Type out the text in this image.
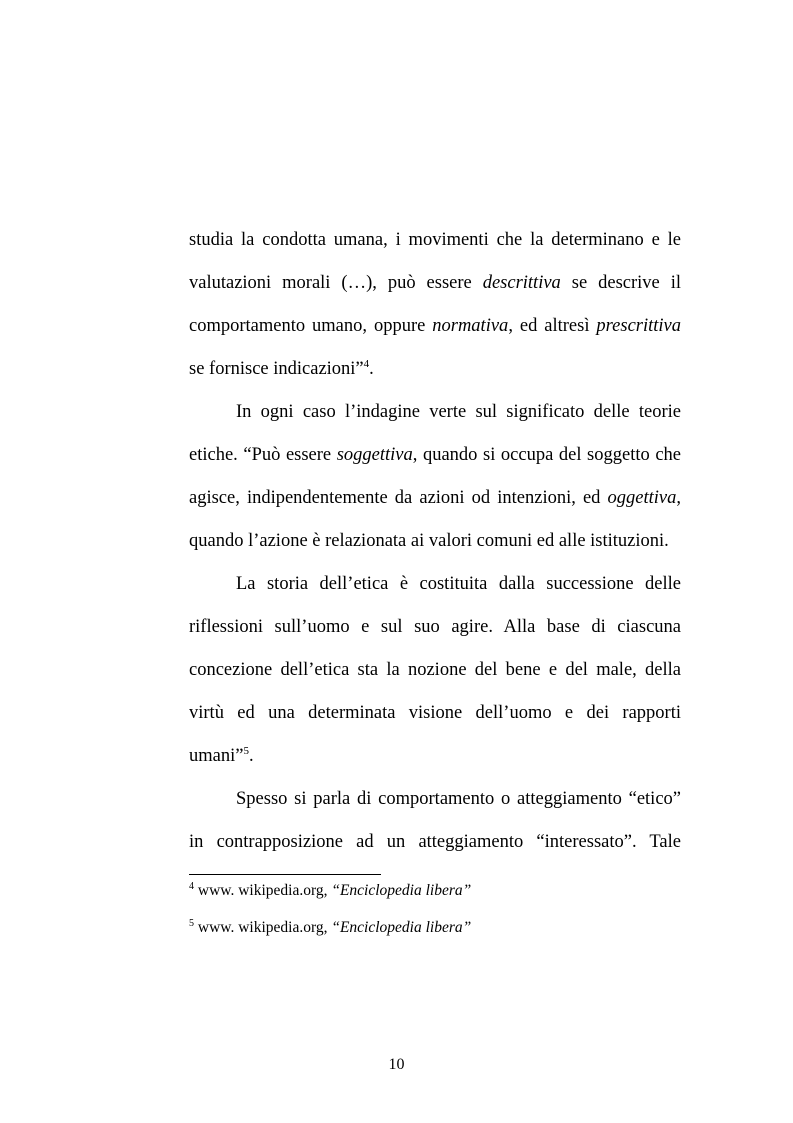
studia la condotta umana, i movimenti che la determinano e le
valutazioni morali (…), può essere descrittiva se descrive il
comportamento umano, oppure normativa, ed altresì prescrittiva
se fornisce indicazioni”$^4$.
In ogni caso l’indagine verte sul significato delle teorie
etiche. “Può essere soggettiva, quando si occupa del soggetto che
agisce, indipendentemente da azioni od intenzioni, ed oggettiva,
quando l’azione è relazionata ai valori comuni ed alle istituzioni.
La storia dell’etica è costituita dalla successione delle
riflessioni sull’uomo e sul suo agire. Alla base di ciascuna
concezione dell’etica sta la nozione del bene e del male, della
virtù ed una determinata visione dell’uomo e dei rapporti
umani”$^5$.
Spesso si parla di comportamento o atteggiamento “etico”
in contrapposizione ad un atteggiamento “interessato”. Tale
$^4$ www. wikipedia.org, “Enciclopedia libera”
$^5$ www. wikipedia.org, “Enciclopedia libera”
10
